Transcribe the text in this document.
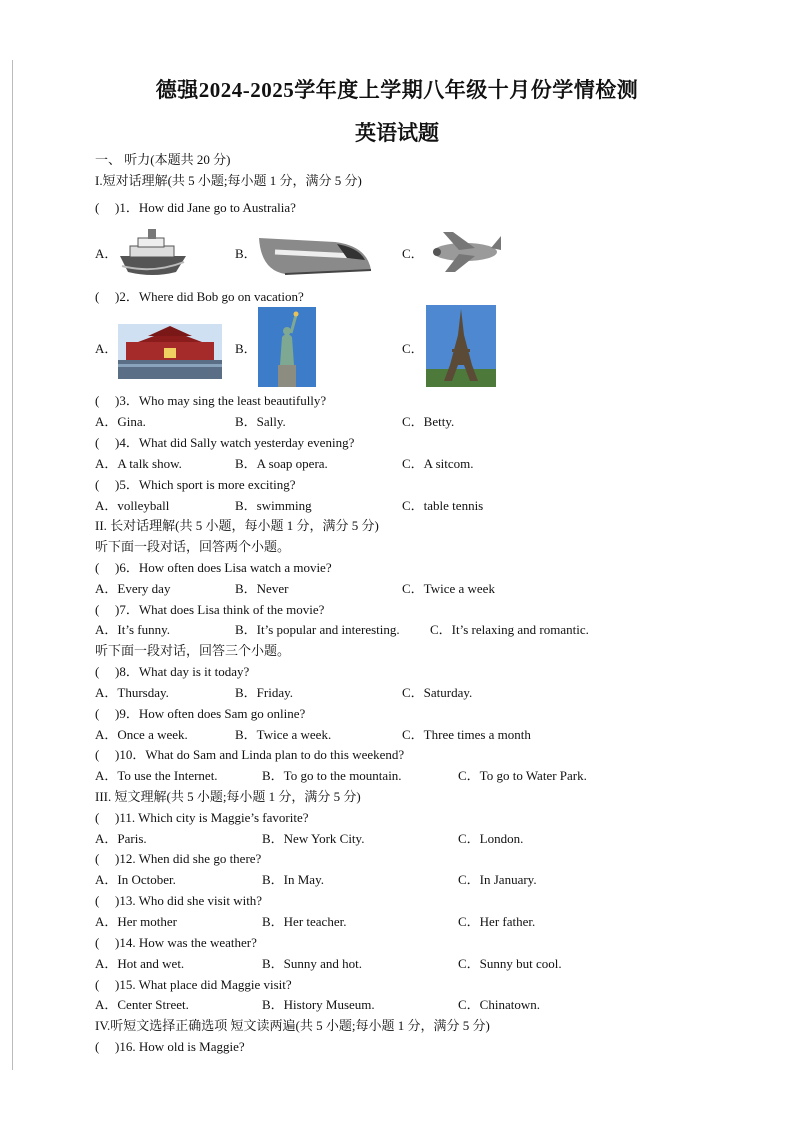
德强2024-2025学年度上学期八年级十月份学情检测
英语试题
一、 听力(本题共 20 分)
I.短对话理解(共 5 小题;每小题 1 分，满分 5 分)
( )1．How did Jane go to Australia?
A．	B．	C．
( )2．Where did Bob go on vacation?
A．	B．	C．
( )3．Who may sing the least beautifully?
A．Gina.	B．Sally.	C．Betty.
( )4．What did Sally watch yesterday evening?
A．A talk show.	B．A soap opera.	C．A sitcom.
( )5．Which sport is more exciting?
A．volleyball	B．swimming	C．table tennis
II. 长对话理解(共 5 小题，每小题 1 分，满分 5 分)
听下面一段对话，回答两个小题。
( )6．How often does Lisa watch a movie?
A．Every day	B．Never	C．Twice a week
( )7．What does Lisa think of the movie?
A．It’s funny.	B．It’s popular and interesting. C．It’s relaxing and romantic.
听下面一段对话，回答三个小题。
( )8．What day is it today?
A．Thursday.	B．Friday.	C．Saturday.
( )9．How often does Sam go online?
A．Once a week.	B．Twice a week.	C．Three times a month
( )10．What do Sam and Linda plan to do this weekend?
A．To use the Internet.	B．To go to the mountain.	C．To go to Water Park.
III. 短文理解(共 5 小题;每小题 1 分，满分 5 分)
( )11. Which city is Maggie’s favorite?
A．Paris.	B．New York City.	C．London.
( )12. When did she go there?
A．In October.	B．In May.	C．In January.
( )13. Who did she visit with?
A．Her mother	B．Her teacher.	C．Her father.
( )14. How was the weather?
A．Hot and wet.	B．Sunny and hot.	C．Sunny but cool.
( )15. What place did Maggie visit?
A．Center Street.	B．History Museum.	C．Chinatown.
IV.听短文选择正确选项 短文读两遍(共 5 小题;每小题 1 分，满分 5 分)
( )16. How old is Maggie?
